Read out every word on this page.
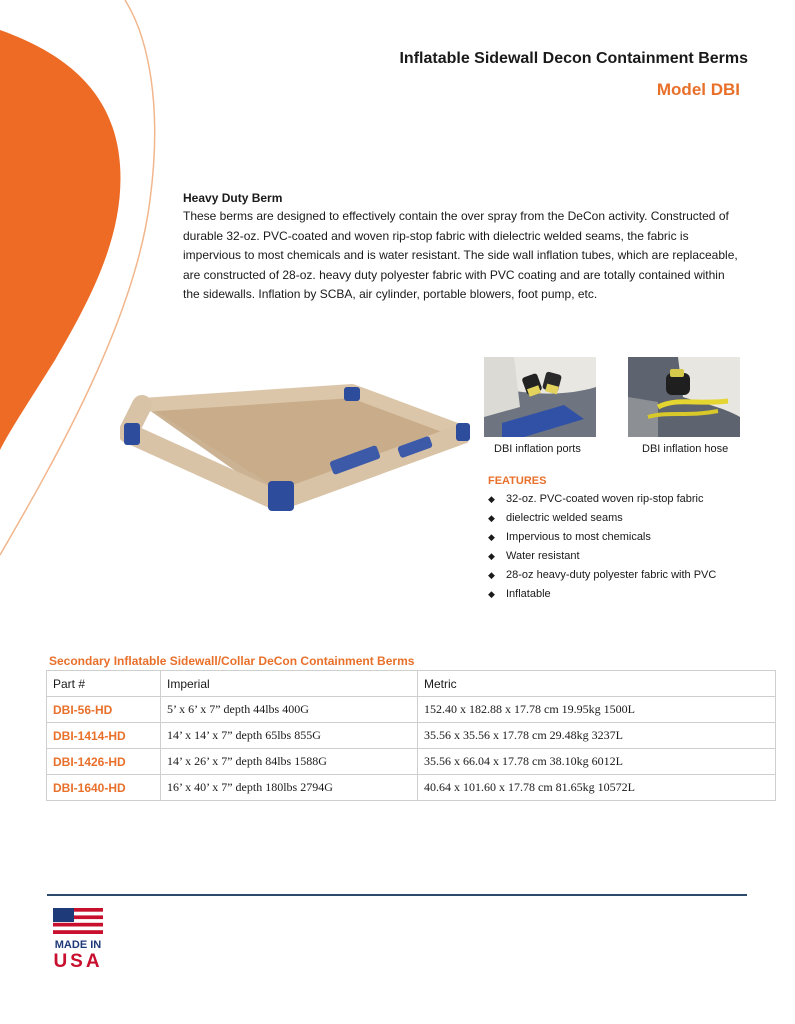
Inflatable Sidewall Decon Containment Berms
Model DBI
Heavy Duty Berm

These berms are designed to effectively contain the over spray from the DeCon activity. Constructed of durable 32-oz. PVC-coated and woven rip-stop fabric with dielectric welded seams, the fabric is impervious to most chemicals and is water resistant. The side wall inflation tubes, which are replaceable, are constructed of 28-oz. heavy duty polyester fabric with PVC coating and are totally contained within the sidewalls. Inflation by SCBA, air cylinder, portable blowers, foot pump, etc.

DBI inflation ports	DBI inflation hose
FEATURES
◆ 32-oz. PVC-coated woven rip-stop fabric
◆ dielectric welded seams
◆ Impervious to most chemicals
◆ Water resistant
◆ 28-oz heavy-duty polyester fabric with PVC
◆ Inflatable
Secondary Inflatable Sidewall/Collar DeCon Containment Berms
Part #	Imperial	Metric
DBI-56-HD	5’ x 6’ x 7” depth 44lbs 400G	152.40 x 182.88 x 17.78 cm 19.95kg 1500L
DBI-1414-HD	14’ x 14’ x 7” depth 65lbs 855G	35.56 x 35.56 x 17.78 cm 29.48kg 3237L
DBI-1426-HD	14’ x 26’ x 7” depth 84lbs 1588G	35.56 x 66.04 x 17.78 cm 38.10kg 6012L
DBI-1640-HD	16’ x 40’ x 7” depth 180lbs 2794G	40.64 x 101.60 x 17.78 cm 81.65kg 10572L
MADE IN
USA
